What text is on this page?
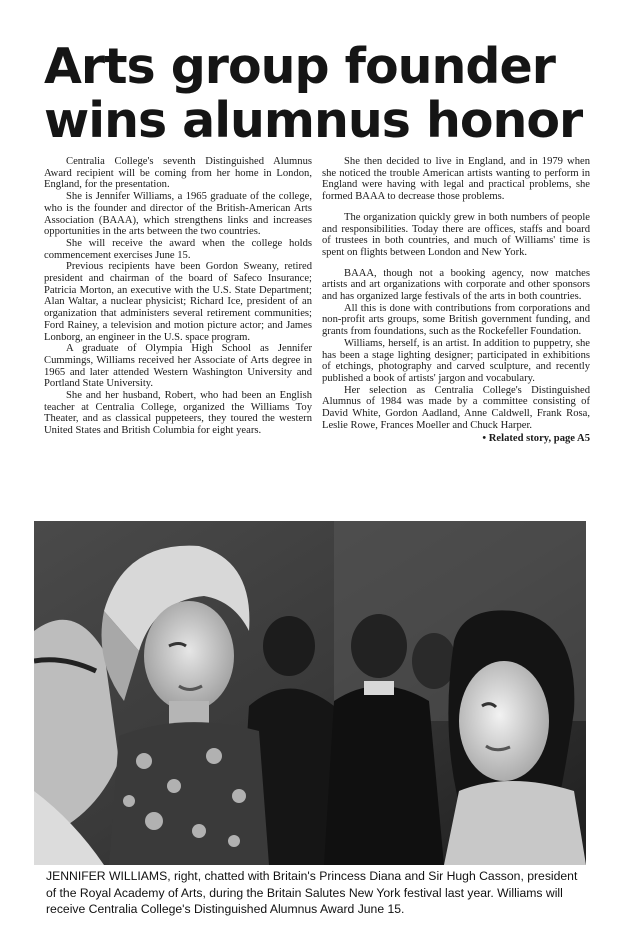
Arts group founder
wins alumnus honor

Centralia College's seventh Distinguished Alumnus Award recipient will be coming from her home in London, England, for the presentation.

She is Jennifer Williams, a 1965 graduate of the college, who is the founder and director of the British-American Arts Association (BAAA), which strengthens links and increases opportunities in the arts between the two countries.

She will receive the award when the college holds commencement exercises June 15.

Previous recipients have been Gordon Sweany, retired president and chairman of the board of Safeco Insurance; Patricia Morton, an executive with the U.S. State Department; Alan Waltar, a nuclear physicist; Richard Ice, president of an organization that administers several retirement communities; Ford Rainey, a television and motion picture actor; and James Lonborg, an engineer in the U.S. space program.

A graduate of Olympia High School as Jennifer Cummings, Williams received her Associate of Arts degree in 1965 and later attended Western Washington University and Portland State University.

She and her husband, Robert, who had been an English teacher at Centralia College, organized the Williams Toy Theater, and as classical puppeteers, they toured the western United States and British Columbia for eight years.

She then decided to live in England, and in 1979 when she noticed the trouble American artists wanting to perform in England were having with legal and practical problems, she formed BAAA to decrease those problems.

The organization quickly grew in both numbers of people and responsibilities. Today there are offices, staffs and board of trustees in both countries, and much of Williams' time is spent on flights between London and New York.

BAAA, though not a booking agency, now matches artists and art organizations with corporate and other sponsors and has organized large festivals of the arts in both countries.

All this is done with contributions from corporations and non-profit arts groups, some British government funding, and grants from foundations, such as the Rockefeller Foundation.

Williams, herself, is an artist. In addition to puppetry, she has been a stage lighting designer; participated in exhibitions of etchings, photography and carved sculpture, and recently published a book of artists' jargon and vocabulary.

Her selection as Centralia College's Distinguished Alumnus of 1984 was made by a committee consisting of David White, Gordon Aadland, Anne Caldwell, Frank Rosa, Leslie Rowe, Frances Moeller and Chuck Harper.

• Related story, page A5
JENNIFER WILLIAMS, right, chatted with Britain's Princess Diana and Sir Hugh Casson, president of the Royal Academy of Arts, during the Britain Salutes New York festival last year. Williams will receive Centralia College's Distinguished Alumnus Award June 15.
